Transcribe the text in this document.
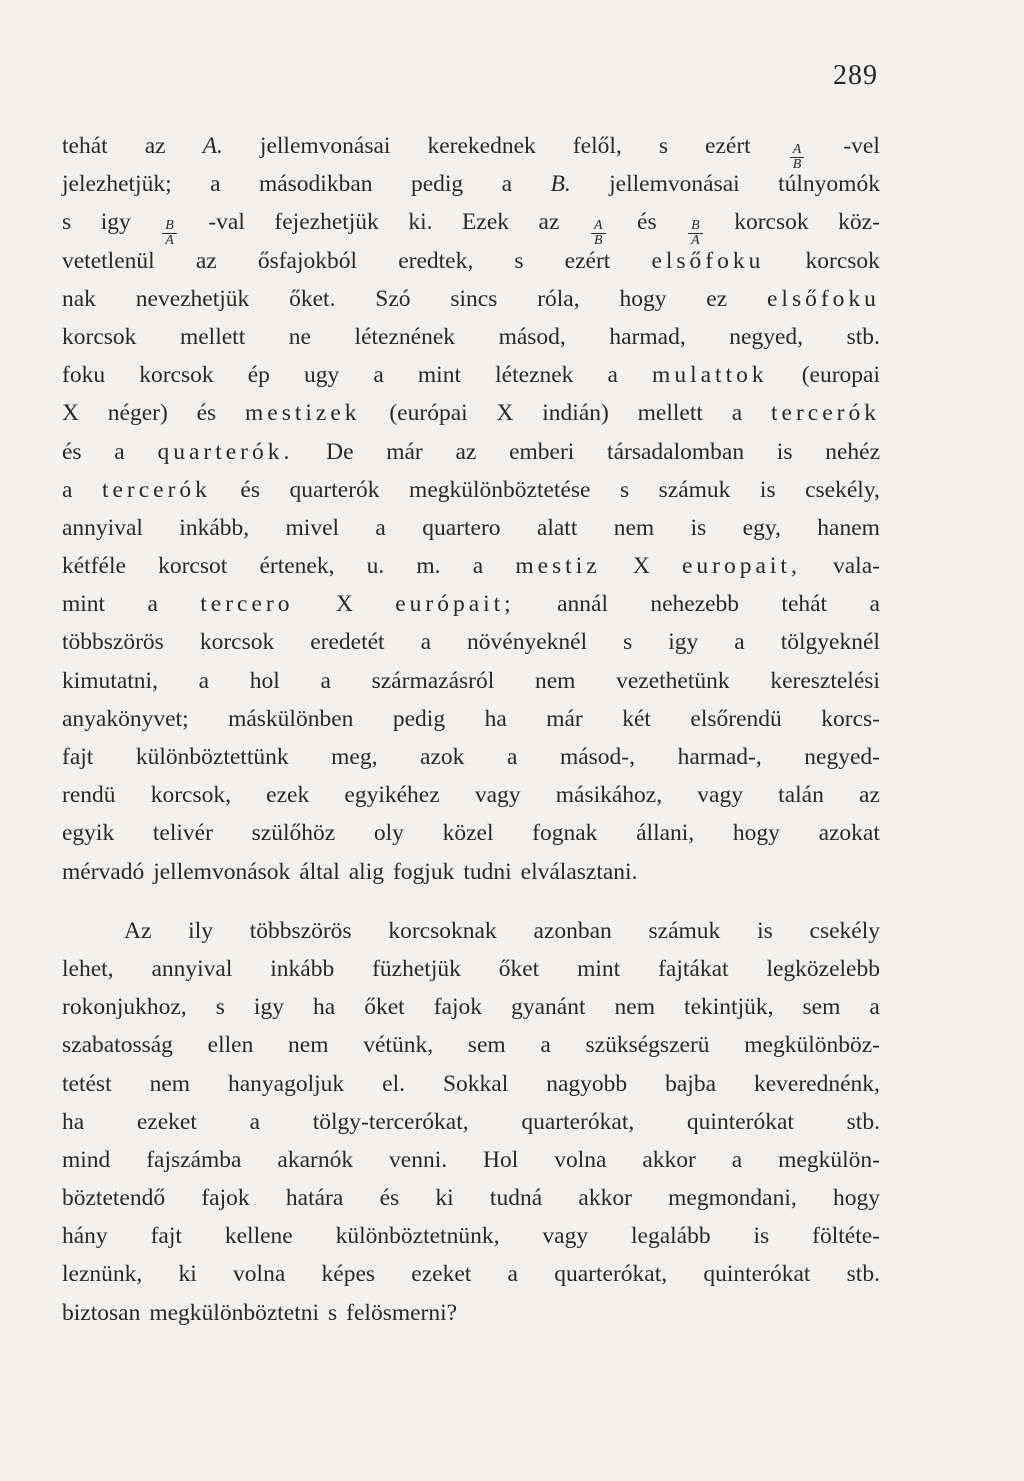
289
tehát az A. jellemvonásai kerekednek felől, s ezért	$\frac{A}{B} -vel$
jelezhetjük; a másodikban pedig a B. jellemvonásai túlnyomók
s igy $\frac{B}{A} -val$ fejezhetjük ki. Ezek az $\frac{A}{B}$ és $\frac{B}{A}$ korcsok köz-
vetetlenül az ősfajokból eredtek, s ezért elsőfoku korcsok
nak nevezhetjük őket. Szó sincs róla, hogy ez elsőfoku
korcsok mellett ne léteznének másod, harmad, negyed, stb.
foku korcsok ép ugy a mint léteznek a mulattok (europai
X néger) és mestizek (európai X indián) mellett a tercerók
és a quarterók. De már az emberi társadalomban is nehéz
a tercerók és quarterók megkülönböztetése s számuk is csekély,
annyival inkább, mivel a quartero alatt nem is egy, hanem
kétféle korcsot értenek, u. m. a mestiz X europait, vala-
mint a tercero X európait; annál nehezebb tehát a
többszörös korcsok eredetét a növényeknél s igy a tölgyeknél
kimutatni, a hol a származásról nem vezethetünk keresztelési
anyakönyvet; máskülönben pedig ha már két elsőrendü korcs-
fajt különböztettünk meg, azok a másod-, harmad-, negyed-
rendü korcsok, ezek egyikéhez vagy másikához, vagy talán az
egyik telivér szülőhöz oly közel fognak állani, hogy azokat
mérvadó jellemvonások által alig fogjuk tudni elválasztani.
Az ily többszörös korcsoknak azonban számuk is csekély
lehet, annyival inkább füzhetjük őket mint fajtákat legközelebb
rokonjukhoz, s igy ha őket fajok gyanánt nem tekintjük, sem a
szabatosság ellen nem vétünk, sem a szükségszerü megkülönböz-
tetést nem hanyagoljuk el. Sokkal nagyobb bajba keverednénk,
ha ezeket a tölgy-tercerókat, quarterókat, quinterókat stb.
mind fajszámba akarnók venni. Hol volna akkor a megkülön-
böztetendő fajok határa és ki tudná akkor megmondani, hogy
hány fajt kellene különböztetnünk, vagy legalább is föltéte-
leznünk, ki volna képes ezeket a quarterókat, quinterókat stb.
biztosan megkülönböztetni s felösmerni?
